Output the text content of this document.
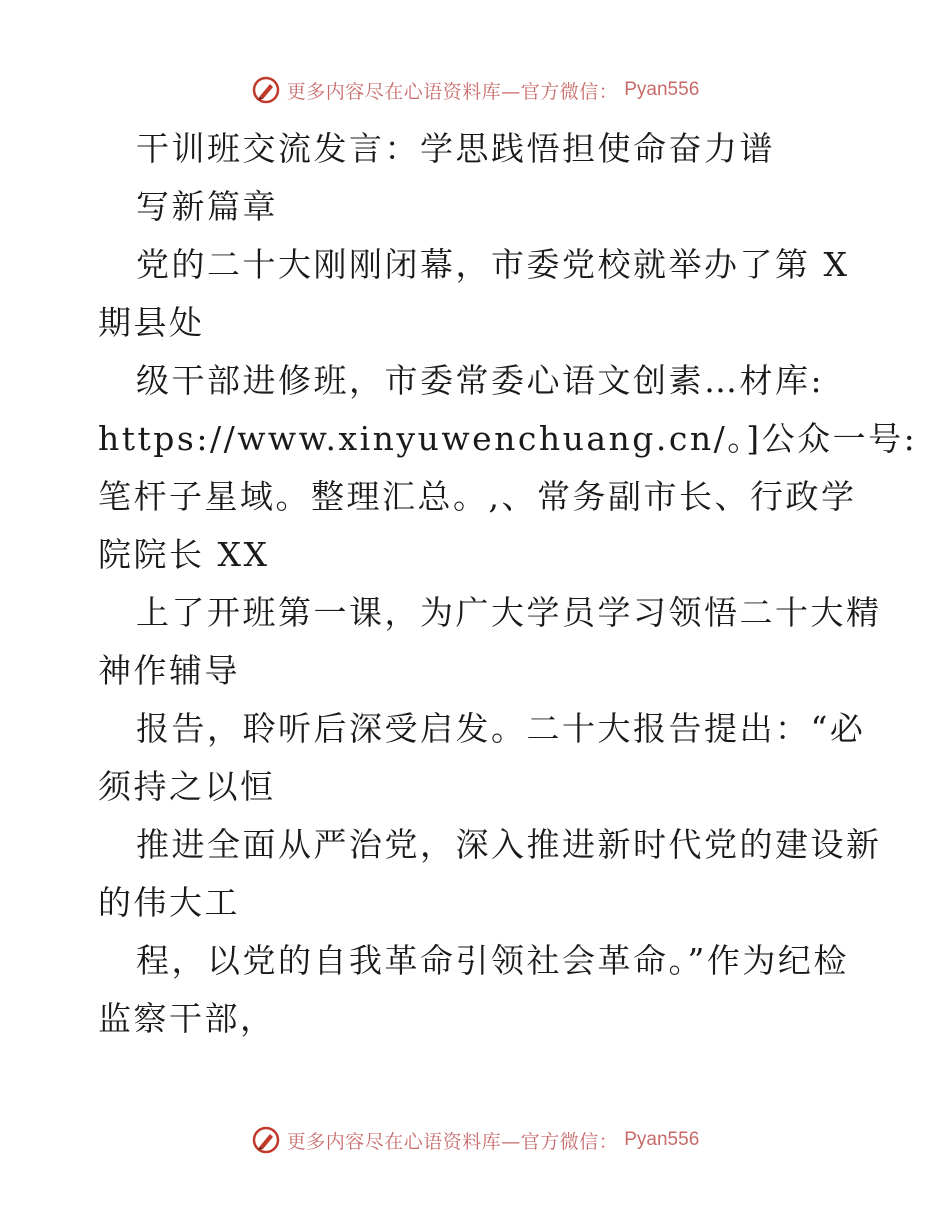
更多内容尽在心语资料库—官方微信： Pyan556
干训班交流发言：学思践悟担使命奋力谱
写新篇章
党的二十大刚刚闭幕，市委党校就举办了第 X
期县处
级干部进修班，市委常委心语文创素…材库:
https://www.xinyuwenchuang.cn/。]公众一号:
笔杆子星域。整理汇总。,、常务副市长、行政学
院院长 XX
上了开班第一课，为广大学员学习领悟二十大精
神作辅导
报告，聆听后深受启发。二十大报告提出：“必
须持之以恒
推进全面从严治党，深入推进新时代党的建设新
的伟大工
程，以党的自我革命引领社会革命。”作为纪检
监察干部，
更多内容尽在心语资料库—官方微信： Pyan556
